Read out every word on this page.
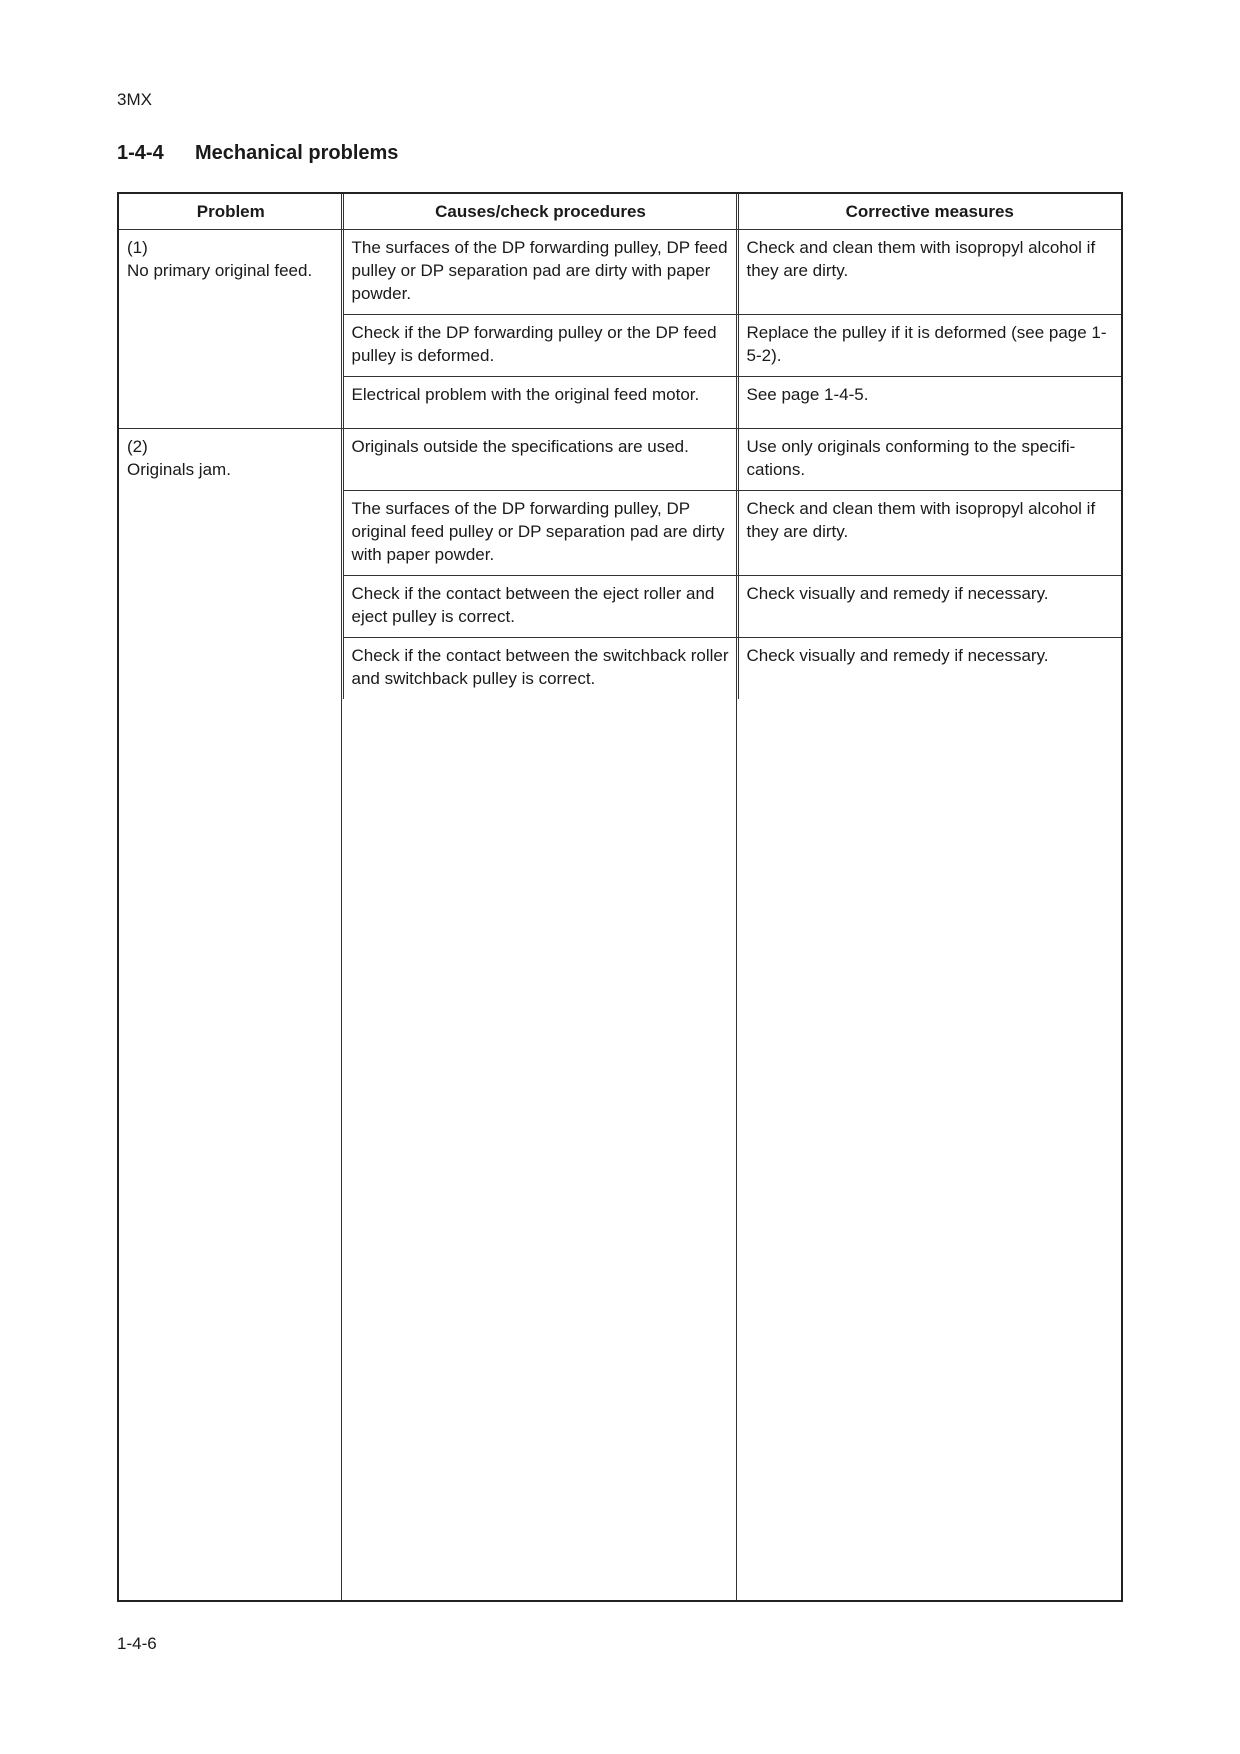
3MX
1-4-4 Mechanical problems
Problem	Causes/check procedures	Corrective measures

(1)
No primary original feed.	The surfaces of the DP forwarding pulley, DP feed pulley or DP separation pad are dirty with paper powder.	Check and clean them with isopropyl alcohol if they are dirty.
	Check if the DP forwarding pulley or the DP feed pulley is deformed.	Replace the pulley if it is deformed (see page 1-5-2).
	Electrical problem with the original feed motor.	See page 1-4-5.

(2)
Originals jam.	Originals outside the specifications are used.	Use only originals conforming to the specifi-cations.
	The surfaces of the DP forwarding pulley, DP original feed pulley or DP separation pad are dirty with paper powder.	Check and clean them with isopropyl alcohol if they are dirty.
	Check if the contact between the eject roller and eject pulley is correct.	Check visually and remedy if necessary.
	Check if the contact between the switchback roller and switchback pulley is correct.	Check visually and remedy if necessary.
1-4-6
